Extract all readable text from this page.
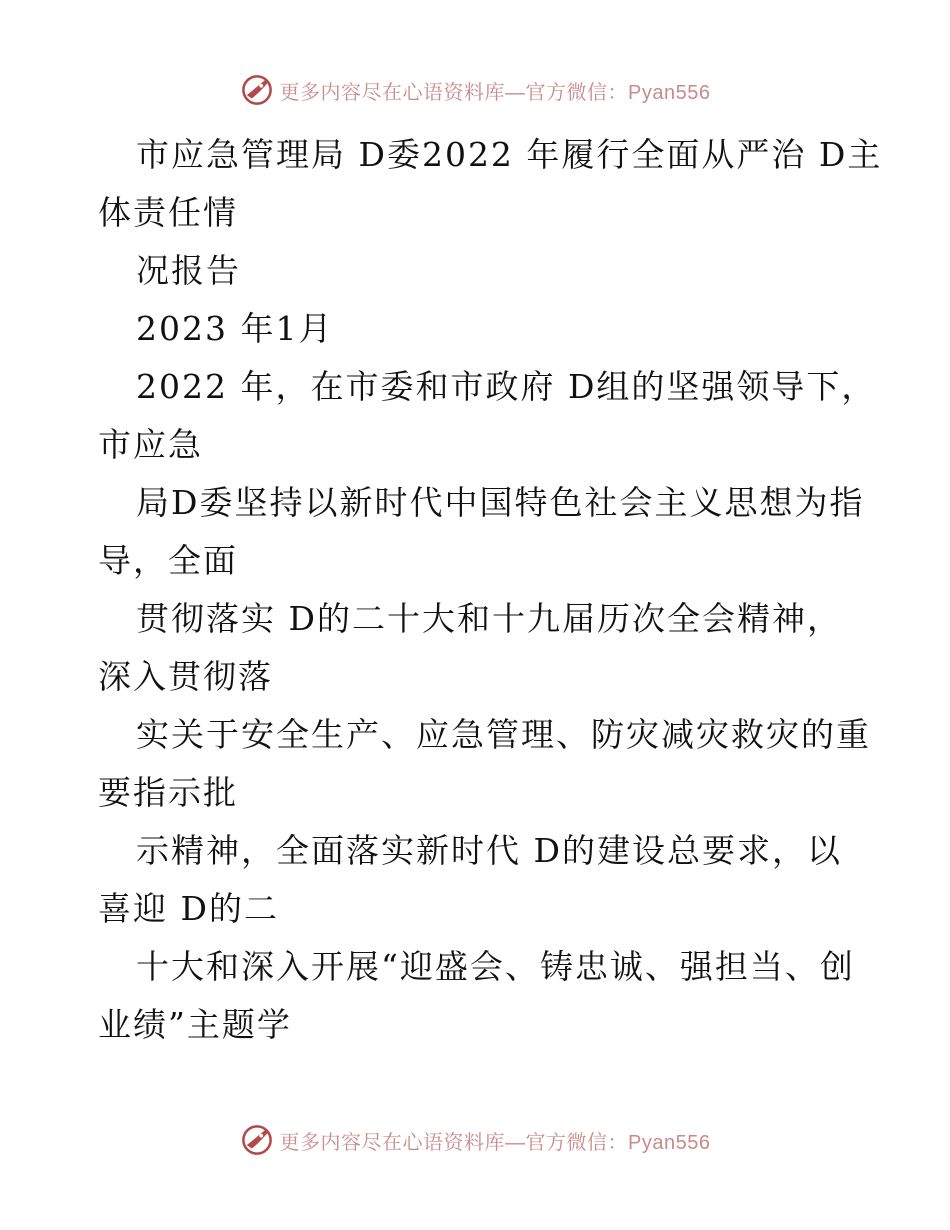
更多内容尽在心语资料库—官方微信：Pyan556
市应急管理局 D委2022 年履行全面从严治 D主
体责任情
况报告
2023 年1月
2022 年，在市委和市政府 D组的坚强领导下，
市应急
局D委坚持以新时代中国特色社会主义思想为指
导，全面
贯彻落实 D的二十大和十九届历次全会精神，
深入贯彻落
实关于安全生产、应急管理、防灾减灾救灾的重
要指示批
示精神，全面落实新时代 D的建设总要求，以
喜迎 D的二
十大和深入开展“迎盛会、铸忠诚、强担当、创
业绩”主题学
更多内容尽在心语资料库—官方微信：Pyan556
